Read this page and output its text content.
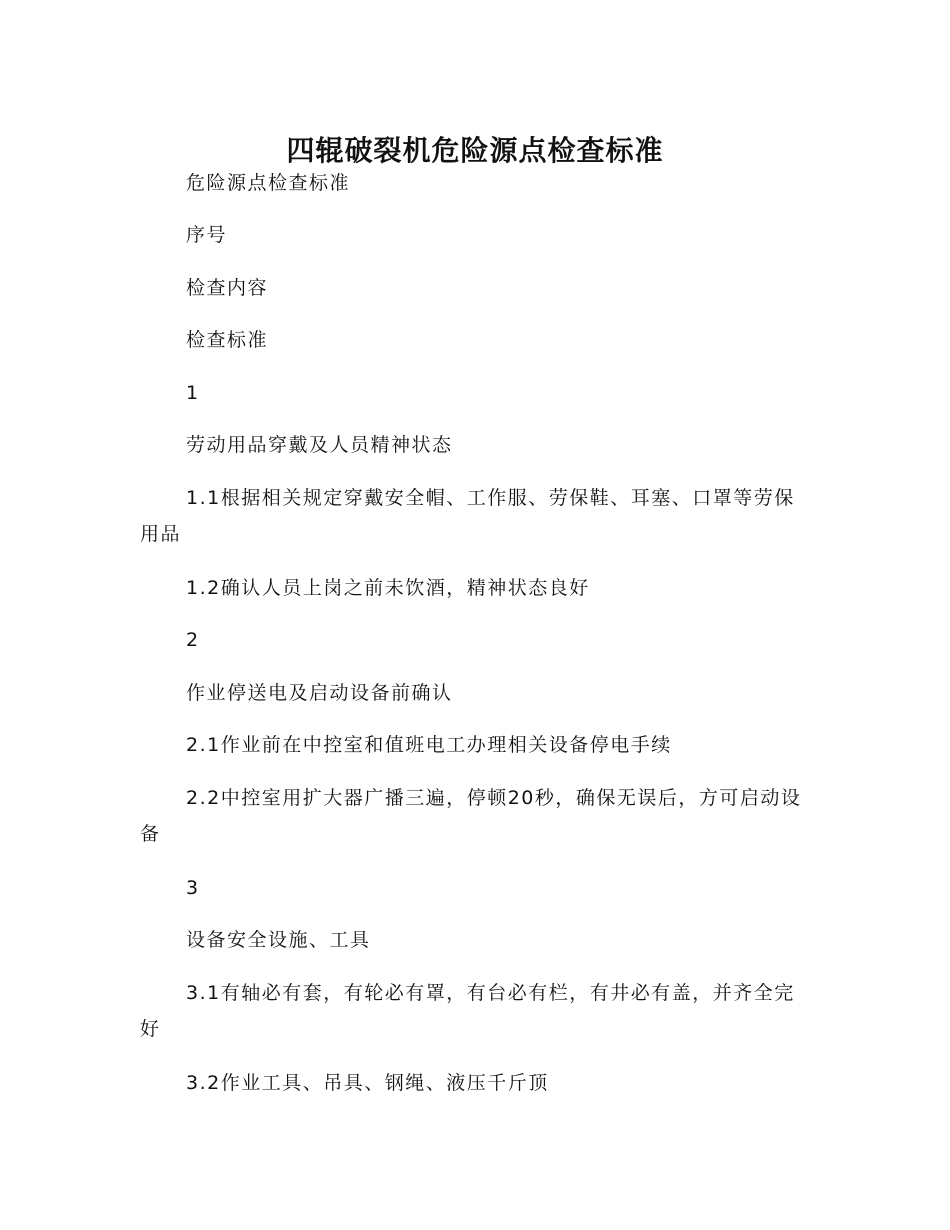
四辊破裂机危险源点检查标准

危险源点检查标准

序号

检查内容

检查标准

1

劳动用品穿戴及人员精神状态

1.1根据相关规定穿戴安全帽、工作服、劳保鞋、耳塞、口罩等劳保用品

1.2确认人员上岗之前未饮酒，精神状态良好

2

作业停送电及启动设备前确认

2.1作业前在中控室和值班电工办理相关设备停电手续

2.2中控室用扩大器广播三遍，停顿20秒，确保无误后，方可启动设备

3

设备安全设施、工具

3.1有轴必有套，有轮必有罩，有台必有栏，有井必有盖，并齐全完好

3.2作业工具、吊具、钢绳、液压千斤顶
